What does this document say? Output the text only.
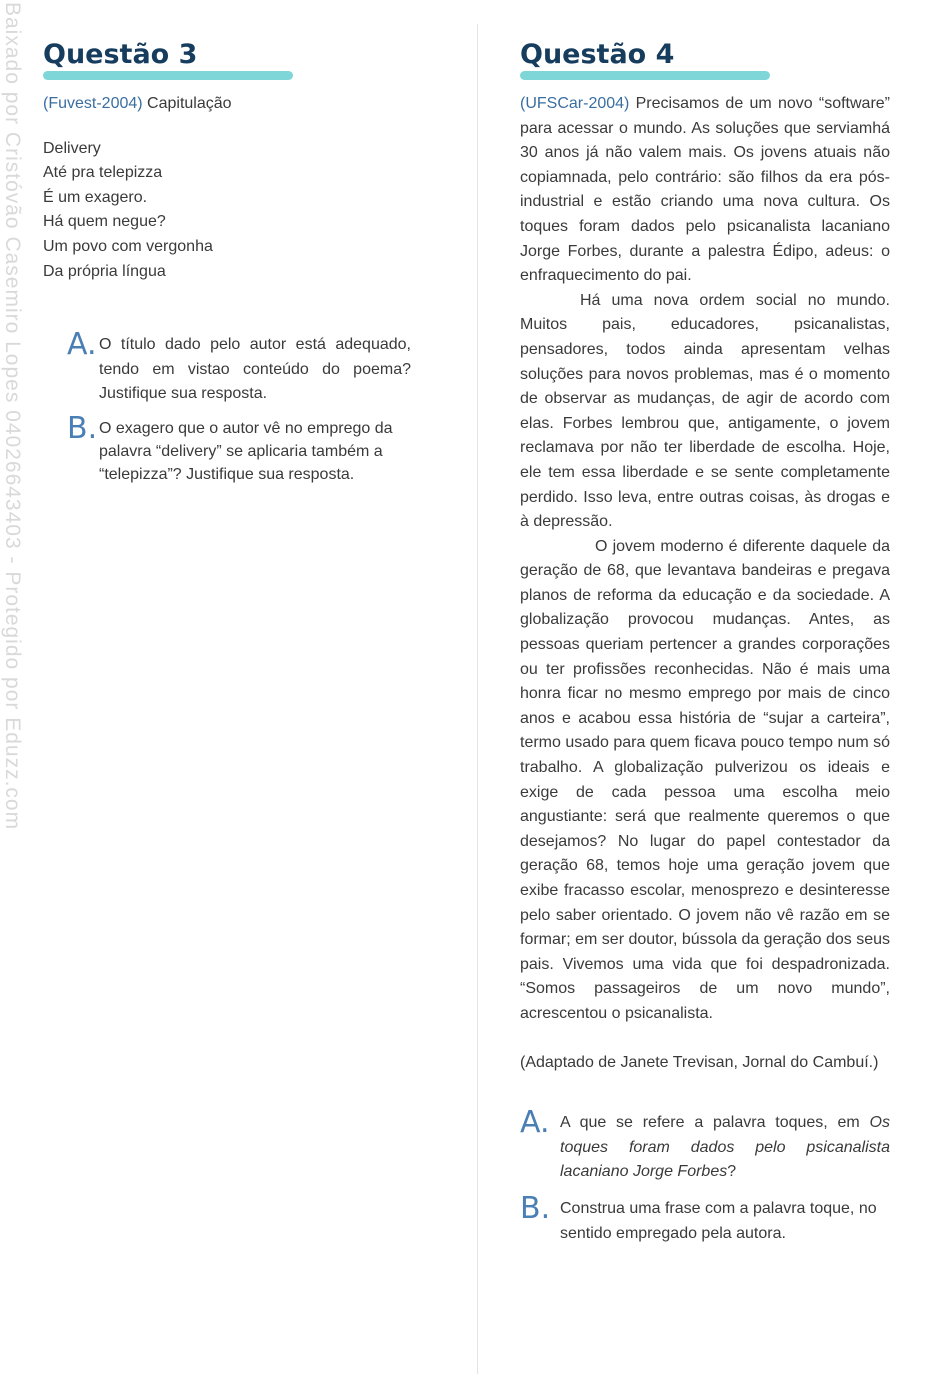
Baixado por Cristóvão Casemiro Lopes 04026643403 - Protegido por Eduzz.com Questão 3
(Fuvest-2004) Capitulação
Delivery
Até pra telepizza
É um exagero.
Há quem negue?
Um povo com vergonha
Da própria língua
A. O título dado pelo autor está adequado, tendo em vistao conteúdo do poema? Justifique sua resposta.
B. O exagero que o autor vê no emprego da palavra “delivery” se aplicaria também a “telepizza”? Justifique sua resposta.
Questão 4
(UFSCar-2004) Precisamos de um novo “software” para acessar o mundo. As soluções que serviamhá 30 anos já não valem mais. Os jovens atuais não copiamnada, pelo contrário: são filhos da era pós-industrial e estão criando uma nova cultura. Os toques foram dados pelo psicanalista lacaniano Jorge Forbes, durante a palestra Édipo, adeus: o enfraquecimento do pai.
Há uma nova ordem social no mundo. Muitos pais, educadores, psicanalistas, pensadores, todos ainda apresentam velhas soluções para novos problemas, mas é o momento de observar as mudanças, de agir de acordo com elas. Forbes lembrou que, antigamente, o jovem reclamava por não ter liberdade de escolha. Hoje, ele tem essa liberdade e se sente completamente perdido. Isso leva, entre outras coisas, às drogas e à depressão.
O jovem moderno é diferente daquele da geração de 68, que levantava bandeiras e pregava planos de reforma da educação e da sociedade. A globalização provocou mudanças. Antes, as pessoas queriam pertencer a grandes corporações ou ter profissões reconhecidas. Não é mais uma honra ficar no mesmo emprego por mais de cinco anos e acabou essa história de “sujar a carteira”, termo usado para quem ficava pouco tempo num só trabalho. A globalização pulverizou os ideais e exige de cada pessoa uma escolha meio angustiante: será que realmente queremos o que desejamos? No lugar do papel contestador da geração 68, temos hoje uma geração jovem que exibe fracasso escolar, menosprezo e desinteresse pelo saber orientado. O jovem não vê razão em se formar; em ser doutor, bússola da geração dos seus pais. Vivemos uma vida que foi despadronizada. “Somos passageiros de um novo mundo”, acrescentou o psicanalista.
(Adaptado de Janete Trevisan, Jornal do Cambuí.)
A. A que se refere a palavra toques, em Os toques foram dados pelo psicanalista lacaniano Jorge Forbes?
B. Construa uma frase com a palavra toque, no sentido empregado pela autora.
